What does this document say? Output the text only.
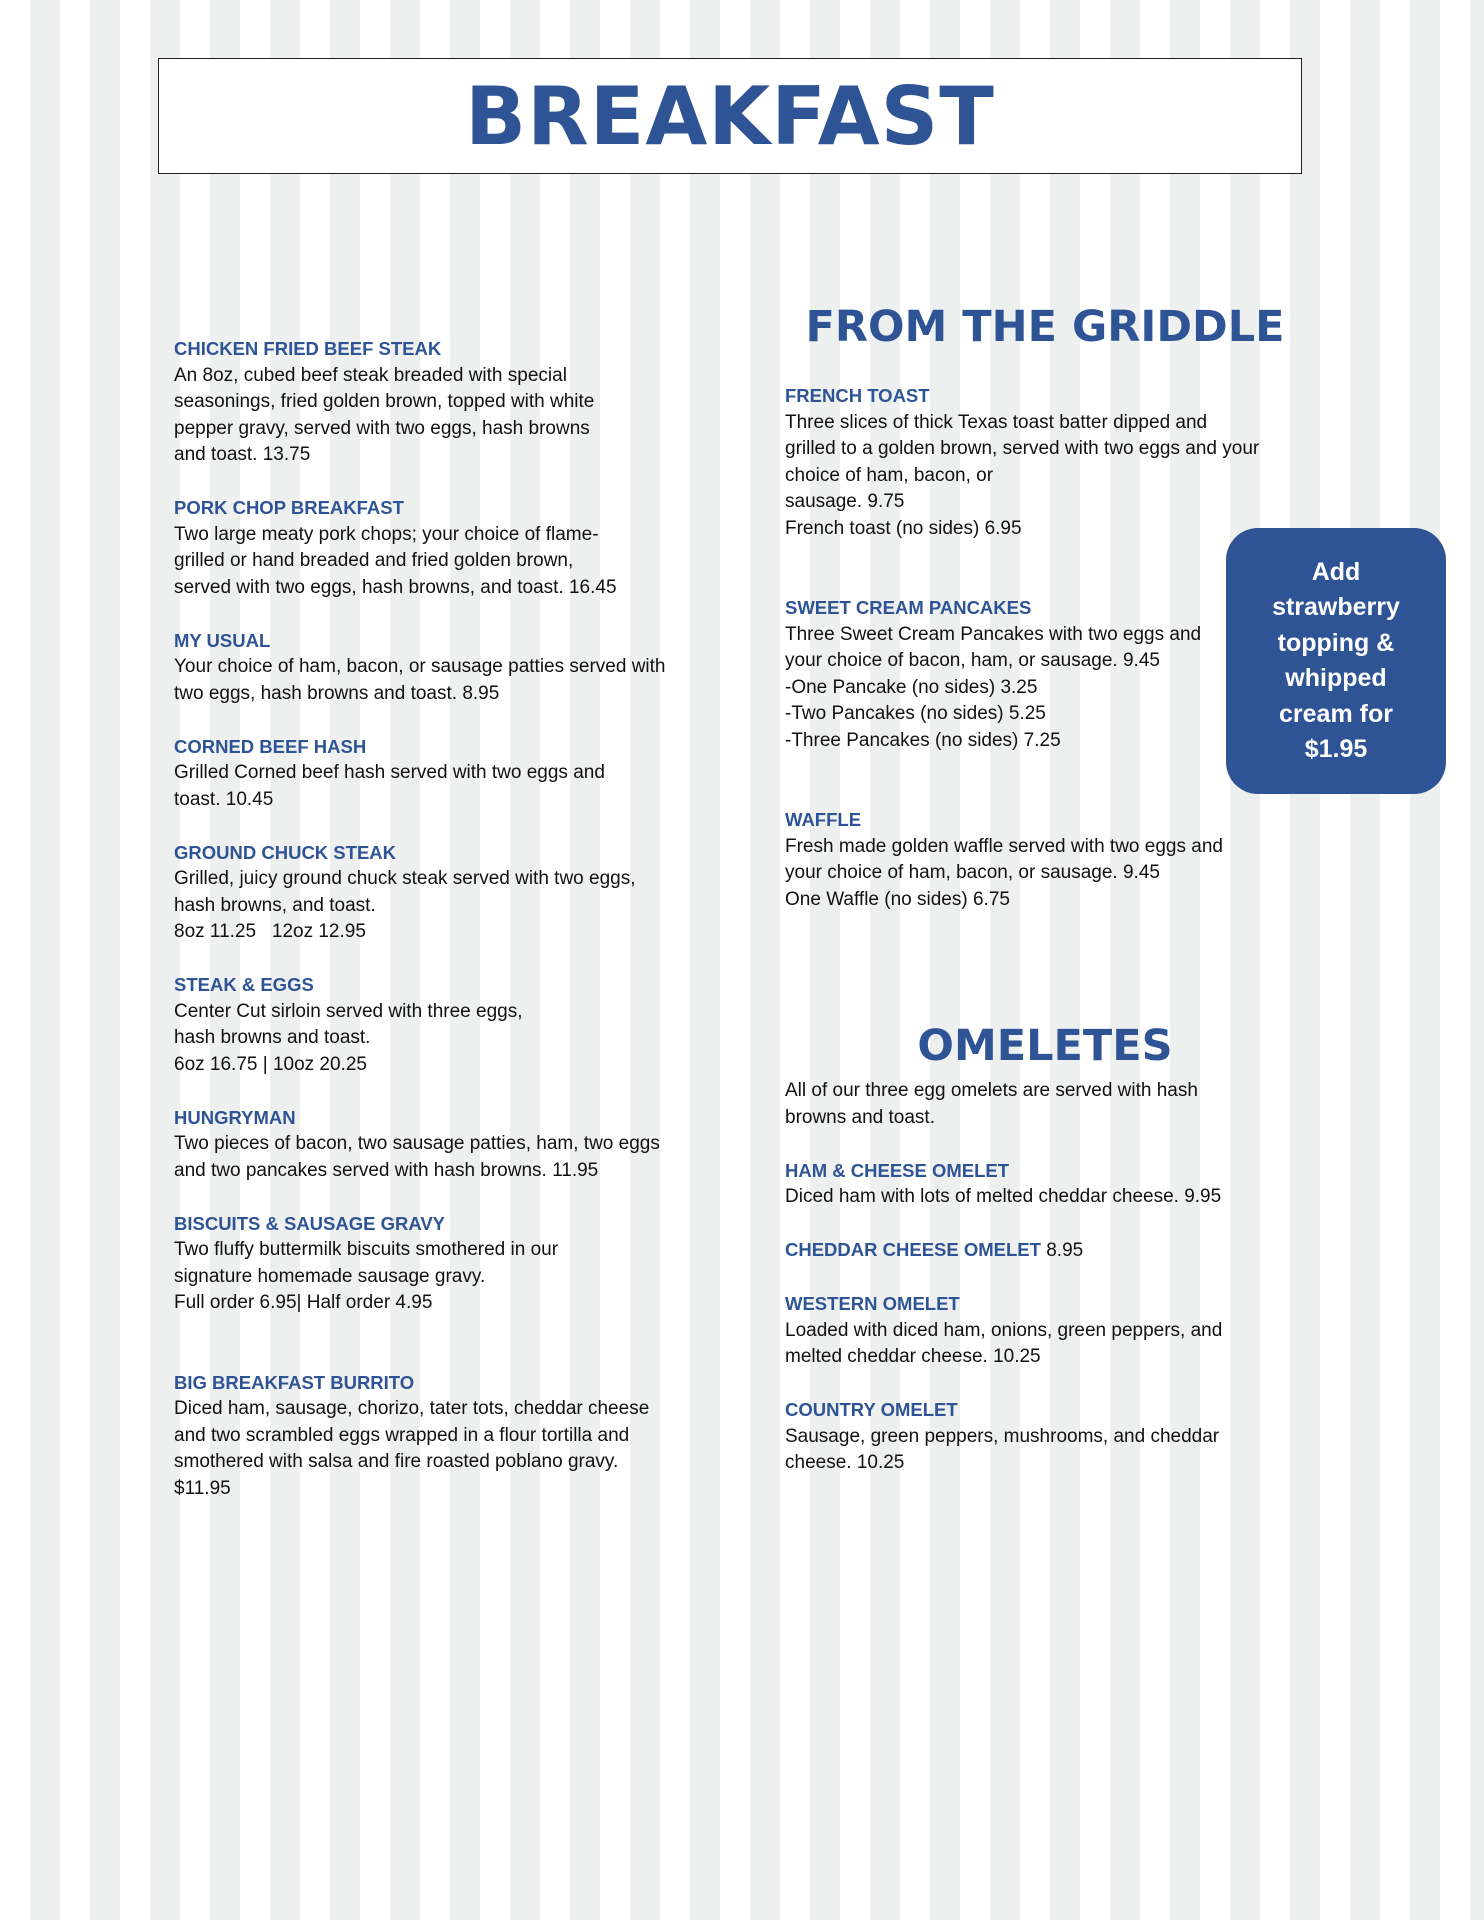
BREAKFAST
CHICKEN FRIED BEEF STEAK
An 8oz, cubed beef steak breaded with special
seasonings, fried golden brown, topped with white
pepper gravy, served with two eggs, hash browns
and toast. 13.75
PORK CHOP BREAKFAST
Two large meaty pork chops; your choice of flame-
grilled or hand breaded and fried golden brown,
served with two eggs, hash browns, and toast. 16.45
MY USUAL
Your choice of ham, bacon, or sausage patties served with
two eggs, hash browns and toast. 8.95
CORNED BEEF HASH
Grilled Corned beef hash served with two eggs and
toast. 10.45
GROUND CHUCK STEAK
Grilled, juicy ground chuck steak served with two eggs,
hash browns, and toast.
8oz 11.25   12oz 12.95
STEAK & EGGS
Center Cut sirloin served with three eggs,
hash browns and toast.
6oz 16.75 | 10oz 20.25
HUNGRYMAN
Two pieces of bacon, two sausage patties, ham, two eggs
and two pancakes served with hash browns. 11.95
BISCUITS & SAUSAGE GRAVY
Two fluffy buttermilk biscuits smothered in our
signature homemade sausage gravy.
Full order 6.95| Half order 4.95
BIG BREAKFAST BURRITO
Diced ham, sausage, chorizo, tater tots, cheddar cheese
and two scrambled eggs wrapped in a flour tortilla and
smothered with salsa and fire roasted poblano gravy.
$11.95
FROM THE GRIDDLE
FRENCH TOAST
Three slices of thick Texas toast batter dipped and
grilled to a golden brown, served with two eggs and your
choice of ham, bacon, or
sausage. 9.75
French toast (no sides) 6.95
SWEET CREAM PANCAKES
Three Sweet Cream Pancakes with two eggs and
your choice of bacon, ham, or sausage. 9.45
-One Pancake (no sides) 3.25
-Two Pancakes (no sides) 5.25
-Three Pancakes (no sides) 7.25
WAFFLE
Fresh made golden waffle served with two eggs and
your choice of ham, bacon, or sausage. 9.45
One Waffle (no sides) 6.75
OMELETES
All of our three egg omelets are served with hash
browns and toast.
HAM & CHEESE OMELET
Diced ham with lots of melted cheddar cheese. 9.95
CHEDDAR CHEESE OMELET 8.95
WESTERN OMELET
Loaded with diced ham, onions, green peppers, and
melted cheddar cheese. 10.25
COUNTRY OMELET
Sausage, green peppers, mushrooms, and cheddar
cheese. 10.25
Add
strawberry
topping &
whipped
cream for
$1.95
